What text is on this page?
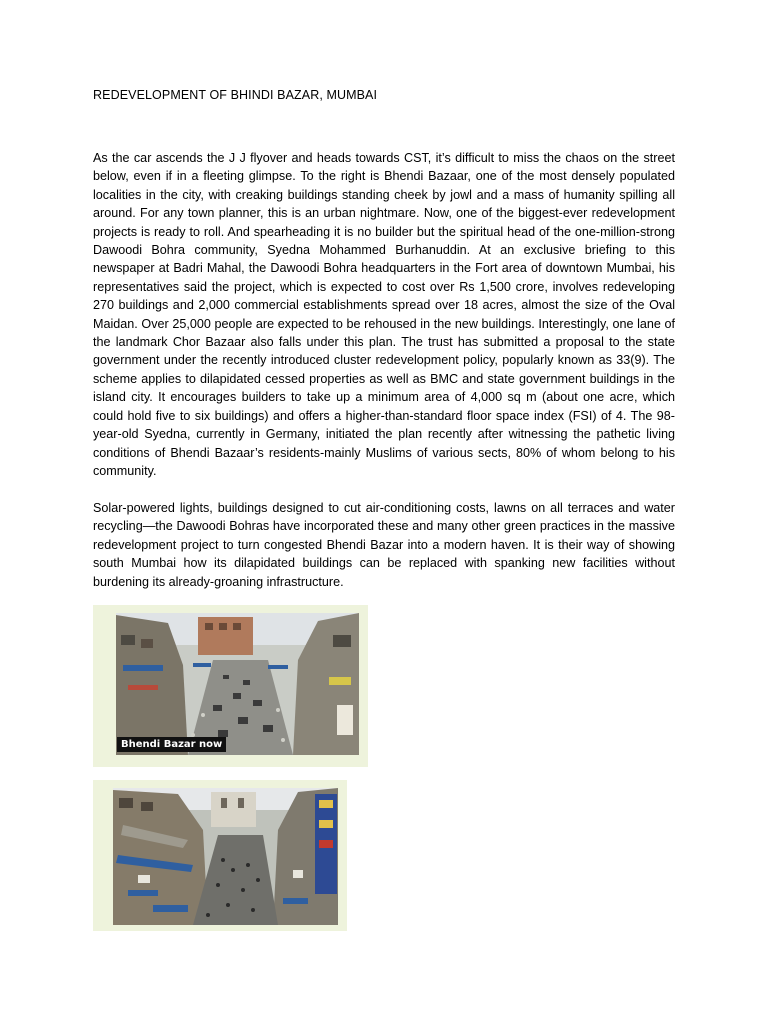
REDEVELOPMENT OF BHINDI BAZAR, MUMBAI

As the car ascends the J J flyover and heads towards CST, it’s difficult to miss the chaos on the street below, even if in a fleeting glimpse. To the right is Bhendi Bazaar, one of the most densely populated localities in the city, with creaking buildings standing cheek by jowl and a mass of humanity spilling all around. For any town planner, this is an urban nightmare. Now, one of the biggest-ever redevelopment projects is ready to roll. And spearheading it is no builder but the spiritual head of the one-million-strong Dawoodi Bohra community, Syedna Mohammed Burhanuddin. At an exclusive briefing to this newspaper at Badri Mahal, the Dawoodi Bohra headquarters in the Fort area of downtown Mumbai, his representatives said the project, which is expected to cost over Rs 1,500 crore, involves redeveloping 270 buildings and 2,000 commercial establishments spread over 18 acres, almost the size of the Oval Maidan. Over 25,000 people are expected to be rehoused in the new buildings. Interestingly, one lane of the landmark Chor Bazaar also falls under this plan. The trust has submitted a proposal to the state government under the recently introduced cluster redevelopment policy, popularly known as 33(9). The scheme applies to dilapidated cessed properties as well as BMC and state government buildings in the island city. It encourages builders to take up a minimum area of 4,000 sq m (about one acre, which could hold five to six buildings) and offers a higher-than-standard floor space index (FSI) of 4. The 98-year-old Syedna, currently in Germany, initiated the plan recently after witnessing the pathetic living conditions of Bhendi Bazaar’s residents-mainly Muslims of various sects, 80% of whom belong to his community.

Solar-powered lights, buildings designed to cut air-conditioning costs, lawns on all terraces and water recycling—the Dawoodi Bohras have incorporated these and many other green practices in the massive redevelopment project to turn congested Bhendi Bazar into a modern haven. It is their way of showing south Mumbai how its dilapidated buildings can be replaced with spanking new facilities without burdening its already-groaning infrastructure.

Bhendi Bazar now
